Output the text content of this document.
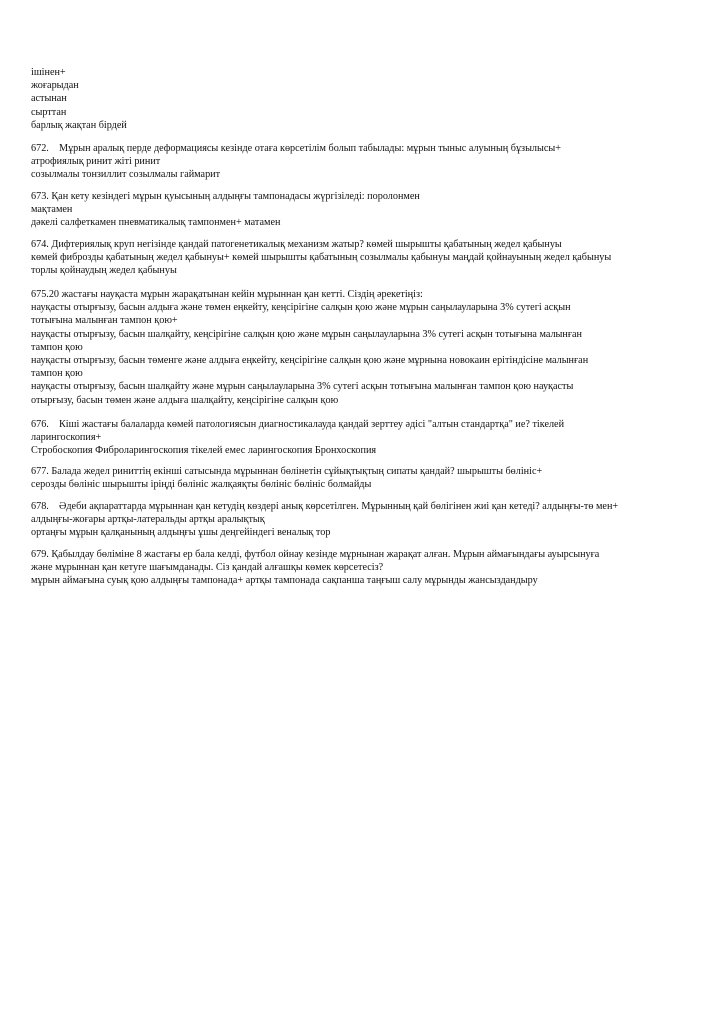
ішінен+
жоғарыдан
астынан
сырттан
барлық жақтан бірдей
672.    Мұрын аралық перде деформациясы кезінде отаға көрсетілім болып табылады: мұрын тыныс алуының бұзылысы+
атрофиялық ринит жіті ринит
созылмалы тонзиллит созылмалы гаймарит
673. Қан кету кезіндегі мұрын қуысының алдыңғы тампонадасы жүргізіледі: поролонмен
мақтамен
дәкелі салфеткамен пневматикалық тампонмен+ матамен
674. Дифтериялық круп негізінде қандай патогенетикалық механизм жатыр? көмей шырышты қабатының жедел қабынуы
көмей фиброзды қабатының жедел қабынуы+ көмей шырышты қабатының созылмалы қабынуы маңдай қойнауының жедел қабынуы
торлы қойнаудың жедел қабынуы
675.20 жастағы науқаста мұрын жарақатынан кейін мұрыннан қан кетті. Сіздің әрекетіңіз:
науқасты отырғызу, басын алдыға және төмен еңкейту, кеңсірігіне салқын қою және мұрын саңылауларына 3% сутегі асқын
тотығына малынған тампон қою+
науқасты отырғызу, басын шалқайту, кеңсірігіне салқын қою және мұрын саңылауларына 3% сутегі асқын тотығына малынған
тампон қою
науқасты отырғызу, басын төменге және алдыға еңкейту, кеңсірігіне салқын қою және мұрнына новокаин ерітіндісіне малынған
тампон қою
науқасты отырғызу, басын шалқайту және мұрын саңылауларына 3% сутегі асқын тотығына малынған тампон қою науқасты
отырғызу, басын төмен және алдыға шалқайту, кеңсірігіне салқын қою
676.    Кіші жастағы балаларда көмей патологиясын диагностикалауда қандай зерттеу әдісі "алтын стандартқа" ие? тікелей
ларингоскопия+
Стробоскопия Фиброларингоскопия тікелей емес ларингоскопия Бронхоскопия
677. Балада жедел риниттің екінші сатысында мұрыннан бөлінетін сұйықтықтың сипаты қандай? шырышты бөлініс+
серозды бөлініс шырышты іріңді бөлініс жалқаяқты бөлініс бөлініс болмайды
678.    Әдеби ақпараттарда мұрыннан қан кетудің көздері анық көрсетілген. Мұрынның қай бөлігінен жиі қан кетеді? алдыңғы-тө мен+
алдыңғы-жоғары артқы-латеральды артқы аралықтық
ортаңғы мұрын қалқанының алдыңғы ұшы деңгейіндегі веналық тор
679. Қабылдау бөліміне 8 жастағы ер бала келді, футбол ойнау кезінде мұрнынан жарақат алған. Мұрын аймағындағы ауырсынуға
және мұрыннан қан кетуге шағымданады. Сіз қандай алғашқы көмек көрсетесіз?
мұрын аймағына суық қою алдыңғы тампонада+ артқы тампонада сақпанша таңғыш салу мұрынды жансыздандыру
